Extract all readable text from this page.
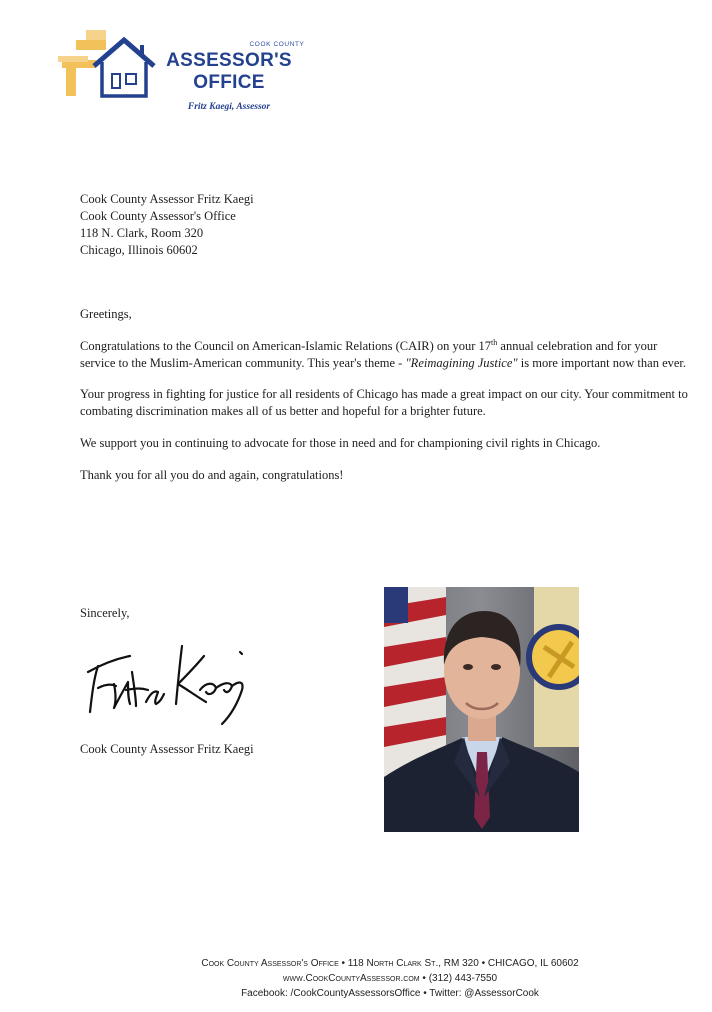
COOK COUNTY
ASSESSOR'S
OFFICE
Fritz Kaegi, Assessor
Cook County Assessor Fritz Kaegi
Cook County Assessor's Office
118 N. Clark, Room 320
Chicago, Illinois 60602

Greetings,

Congratulations to the Council on American-Islamic Relations (CAIR) on your 17th annual celebration and for your service to the Muslim-American community. This year's theme - "Reimagining Justice" is more important now than ever.

Your progress in fighting for justice for all residents of Chicago has made a great impact on our city. Your commitment to combating discrimination makes all of us better and hopeful for a brighter future.

We support you in continuing to advocate for those in need and for championing civil rights in Chicago.

Thank you for all you do and again, congratulations!

Sincerely,
Cook County Assessor Fritz Kaegi
Cook County Assessor's Office • 118 North Clark St., RM 320 • CHICAGO, IL 60602
www.CookCountyAssessor.com • (312) 443-7550
Facebook: /CookCountyAssessorsOffice • Twitter: @AssessorCook
